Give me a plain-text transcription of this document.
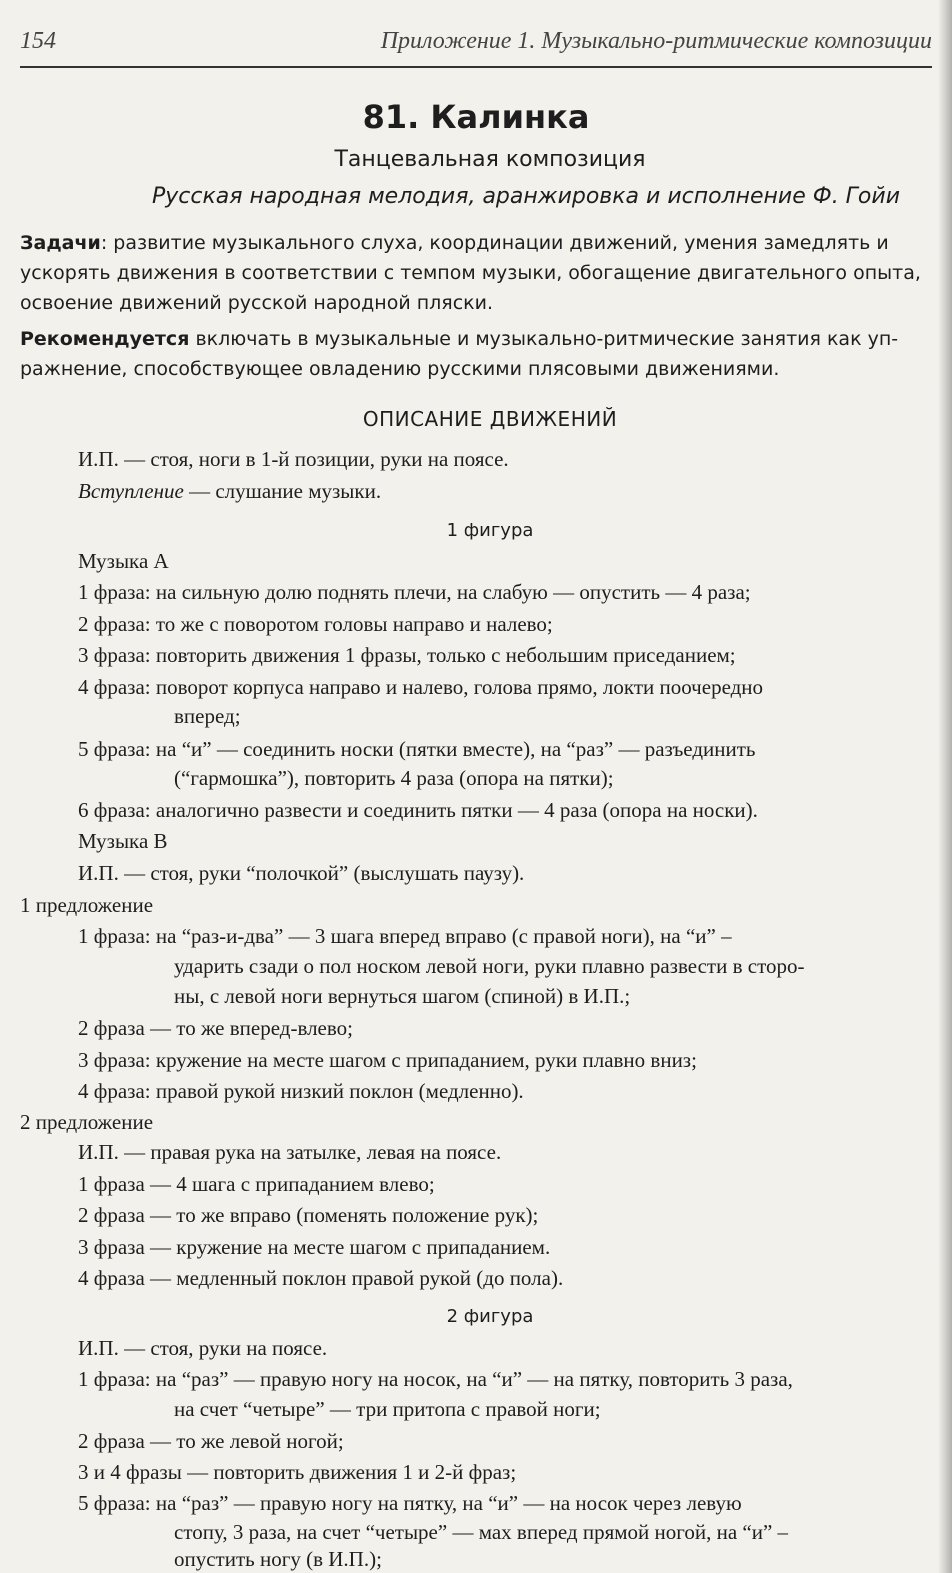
154	Приложение 1. Музыкально-ритмические композиции
81. Калинка
Танцевальная композиция
Русская народная мелодия, аранжировка и исполнение Ф. Гойи
Задачи: развитие музыкального слуха, координации движений, умения замедлять и
ускорять движения в соответствии с темпом музыки, обогащение двигательного опыта,
освоение движений русской народной пляски.
Рекомендуется включать в музыкальные и музыкально-ритмические занятия как уп-
ражнение, способствующее овладению русскими плясовыми движениями.
ОПИСАНИЕ ДВИЖЕНИЙ
И.П. — стоя, ноги в 1-й позиции, руки на поясе.
Вступление — слушание музыки.
1 фигура
Музыка А
1 фраза: на сильную долю поднять плечи, на слабую — опустить — 4 раза;
2 фраза: то же с поворотом головы направо и налево;
3 фраза: повторить движения 1 фразы, только с небольшим приседанием;
4 фраза: поворот корпуса направо и налево, голова прямо, локти поочередно
вперед;
5 фраза: на “и” — соединить носки (пятки вместе), на “раз” — разъединить
(“гармошка”), повторить 4 раза (опора на пятки);
6 фраза: аналогично развести и соединить пятки — 4 раза (опора на носки).
Музыка В
И.П. — стоя, руки “полочкой” (выслушать паузу).
1 предложение
1 фраза: на “раз-и-два” — 3 шага вперед вправо (с правой ноги), на “и” –
ударить сзади о пол носком левой ноги, руки плавно развести в сторо-
ны, с левой ноги вернуться шагом (спиной) в И.П.;
2 фраза — то же вперед-влево;
3 фраза: кружение на месте шагом с припаданием, руки плавно вниз;
4 фраза: правой рукой низкий поклон (медленно).
2 предложение
И.П. — правая рука на затылке, левая на поясе.
1 фраза — 4 шага с припаданием влево;
2 фраза — то же вправо (поменять положение рук);
3 фраза — кружение на месте шагом с припаданием.
4 фраза — медленный поклон правой рукой (до пола).
2 фигура
И.П. — стоя, руки на поясе.
1 фраза: на “раз” — правую ногу на носок, на “и” — на пятку, повторить 3 раза,
на счет “четыре” — три притопа с правой ноги;
2 фраза — то же левой ногой;
3 и 4 фразы — повторить движения 1 и 2-й фраз;
5 фраза: на “раз” — правую ногу на пятку, на “и” — на носок через левую
стопу, 3 раза, на счет “четыре” — мах вперед прямой ногой, на “и” –
опустить ногу (в И.П.);
